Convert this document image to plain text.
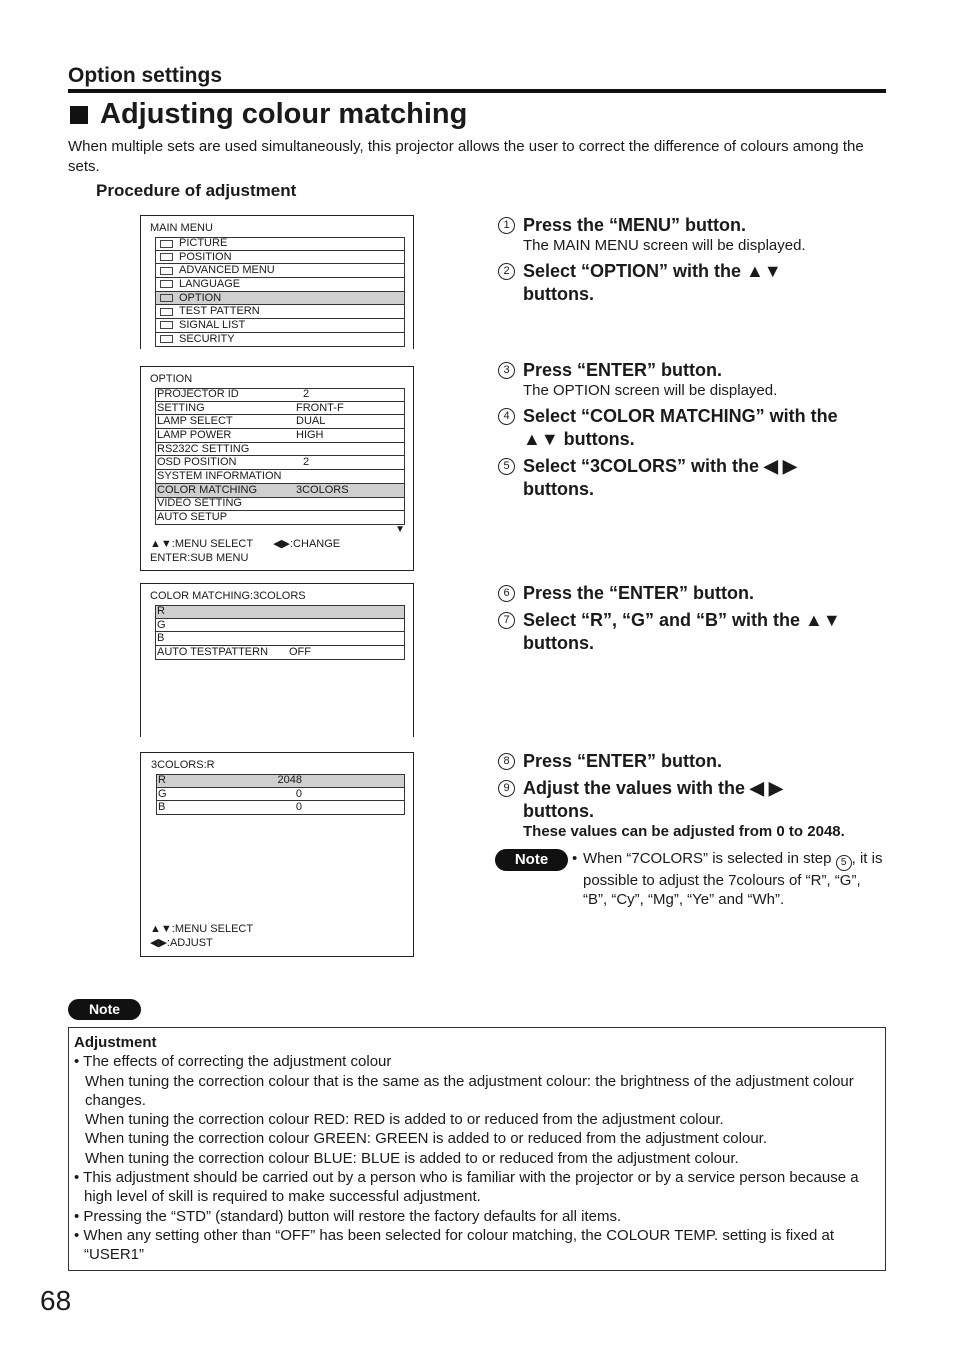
Option settings
Adjusting colour matching
When multiple sets are used simultaneously, this projector allows the user to correct the difference of colours among the sets.
Procedure of adjustment
MAIN MENU
PICTURE
POSITION
ADVANCED MENU
LANGUAGE
OPTION
TEST PATTERN
SIGNAL LIST
SECURITY
OPTION
PROJECTOR ID	2
SETTING	FRONT-F
LAMP SELECT	DUAL
LAMP POWER	HIGH
RS232C SETTING
OSD POSITION	2
SYSTEM INFORMATION
COLOR MATCHING	3COLORS
VIDEO SETTING
AUTO SETUP
▼
▲▼:MENU SELECT ◀▶:CHANGE
ENTER:SUB MENU
COLOR MATCHING:3COLORS
R
G
B
AUTO TESTPATTERN OFF
3COLORS:R
R	2048
G	0
B	0
▲▼:MENU SELECT
◀▶:ADJUST
1 Press the “MENU” button.
The MAIN MENU screen will be displayed.
2 Select “OPTION” with the ▲▼ buttons.
3 Press “ENTER” button.
The OPTION screen will be displayed.
4 Select “COLOR MATCHING” with the ▲▼ buttons.
5 Select “3COLORS” with the ◀ ▶ buttons.
6 Press the “ENTER” button.
7 Select “R”, “G” and “B” with the ▲▼ buttons.
8 Press “ENTER” button.
9 Adjust the values with the ◀ ▶ buttons.
These values can be adjusted from 0 to 2048.
Note	• When “7COLORS” is selected in step 5 , it is possible to adjust the 7colours of “R”, “G”, “B”, “Cy”, “Mg”, “Ye” and “Wh”.
Note
Adjustment
• The effects of correcting the adjustment colour
When tuning the correction colour that is the same as the adjustment colour: the brightness of the adjustment colour changes.
When tuning the correction colour RED: RED is added to or reduced from the adjustment colour.
When tuning the correction colour GREEN: GREEN is added to or reduced from the adjustment colour.
When tuning the correction colour BLUE: BLUE is added to or reduced from the adjustment colour.
• This adjustment should be carried out by a person who is familiar with the projector or by a service person because a high level of skill is required to make successful adjustment.
• Pressing the “STD” (standard) button will restore the factory defaults for all items.
• When any setting other than “OFF” has been selected for colour matching, the COLOUR TEMP. setting is fixed at “USER1”
68
